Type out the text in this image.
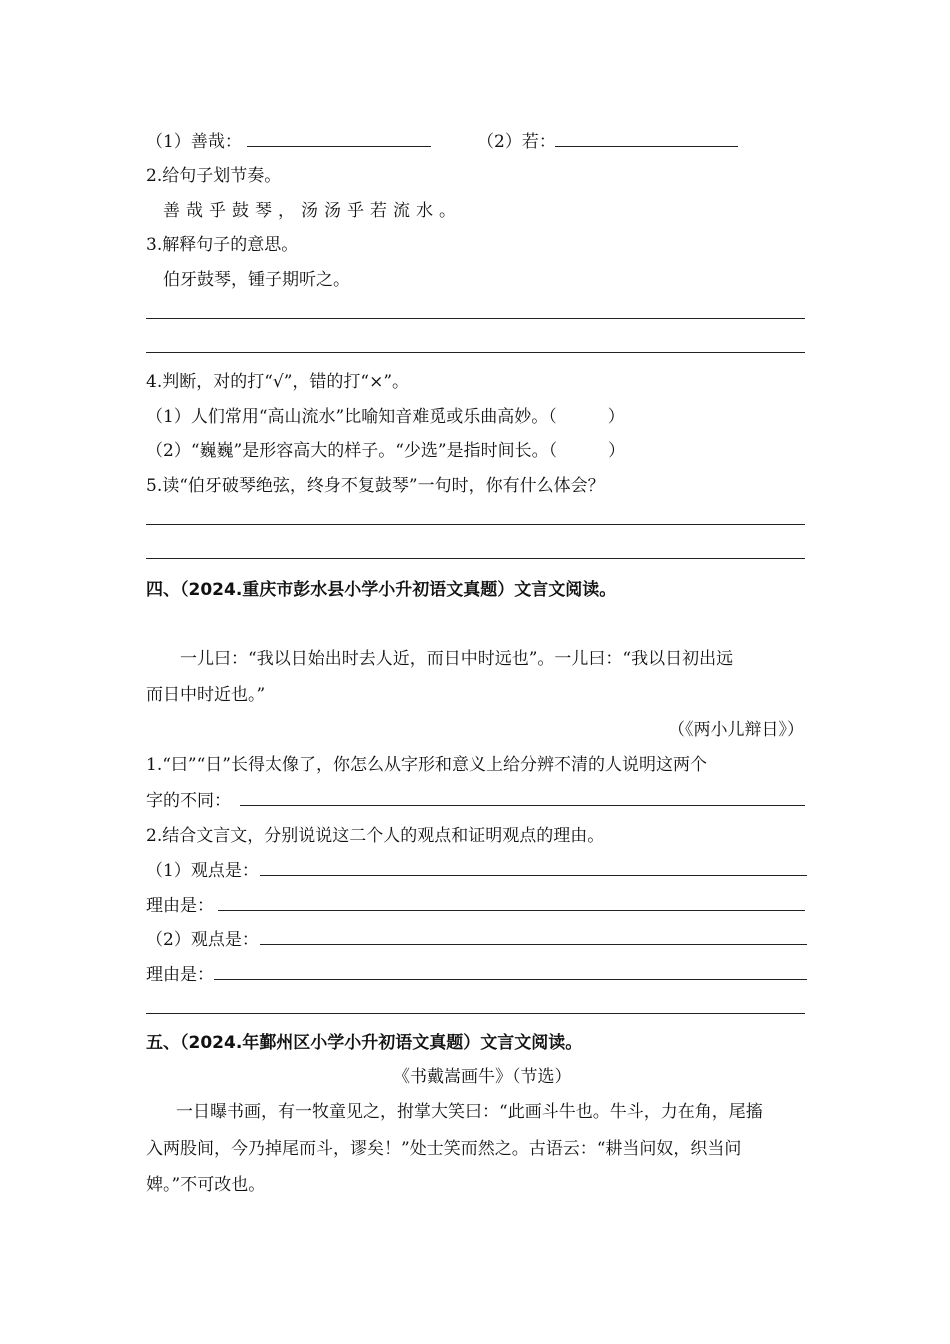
（1）善哉：	（2）若：
2.给句子划节奏。
善哉乎鼓琴，汤汤乎若流水。
3.解释句子的意思。
伯牙鼓琴，锺子期听之。
4.判断，对的打“√”，错的打“×”。
（1）人们常用“高山流水”比喻知音难觅或乐曲高妙。（　　　）
（2）“巍巍”是形容高大的样子。“少选”是指时间长。（　　　）
5.读“伯牙破琴绝弦，终身不复鼓琴”一句时，你有什么体会？
四、（2024.重庆市彭水县小学小升初语文真题）文言文阅读。
一儿曰：“我以日始出时去人近，而日中时远也”。一儿曰：“我以日初出远
而日中时近也。”
（《两小儿辩日》）
1.“曰”“日”长得太像了，你怎么从字形和意义上给分辨不清的人说明这两个
字的不同：
2.结合文言文，分别说说这二个人的观点和证明观点的理由。
（1）观点是：
理由是：
（2）观点是：
理由是：
五、（2024.年鄞州区小学小升初语文真题）文言文阅读。
《书戴嵩画牛》（节选）
一日曝书画，有一牧童见之，拊掌大笑曰：“此画斗牛也。牛斗，力在角，尾搐
入两股间，今乃掉尾而斗，谬矣！”处士笑而然之。古语云：“耕当问奴，织当问
婢。”不可改也。
